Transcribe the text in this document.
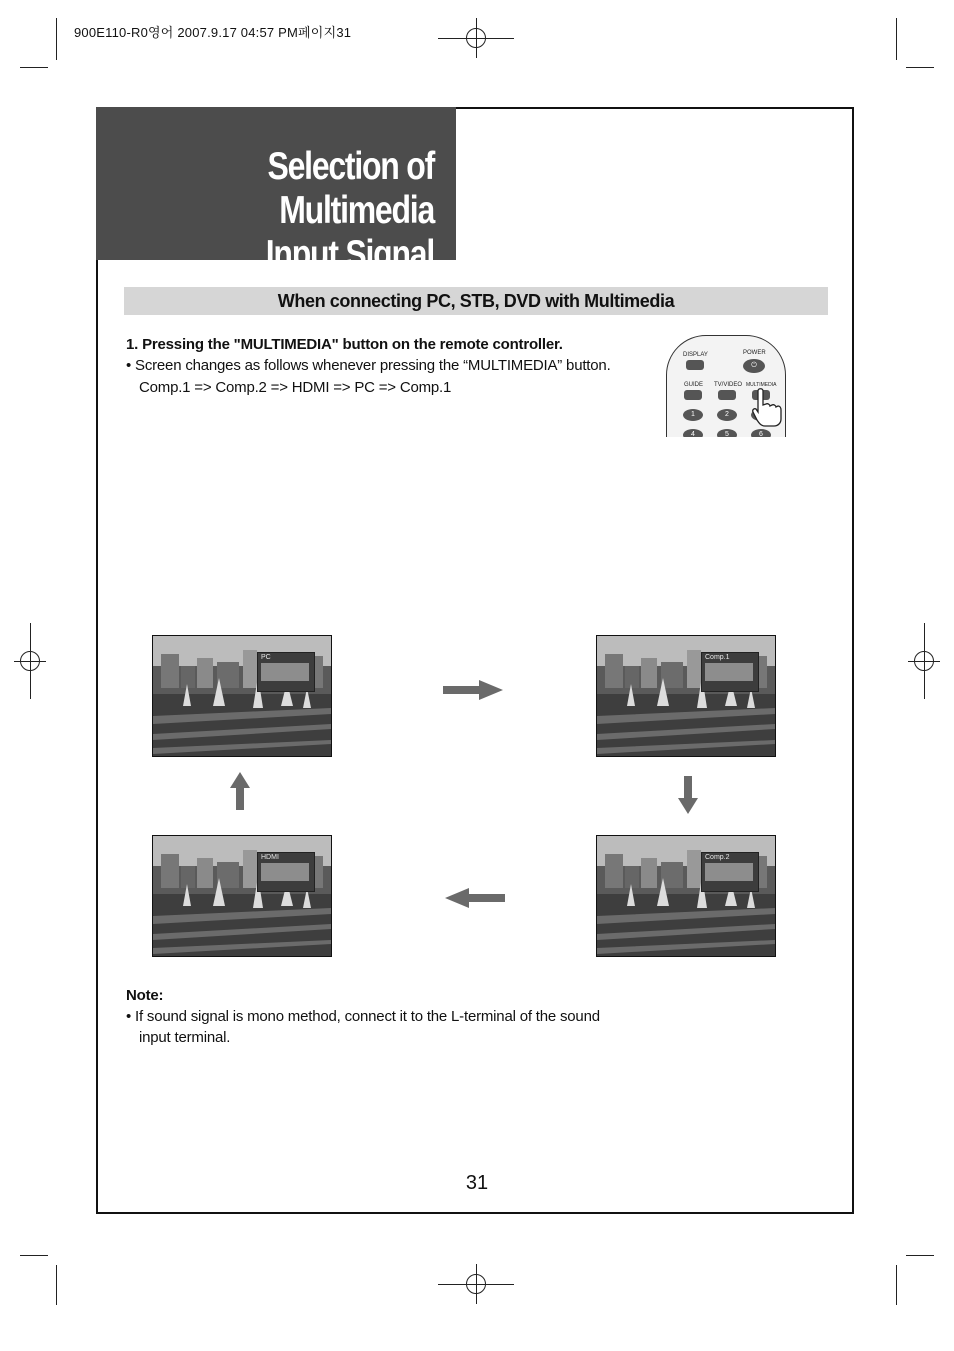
900E110-R0영어 2007.9.17 04:57 PM페이지31
Selection of Multimedia
Input Signal
When connecting PC, STB, DVD with Multimedia
1. Pressing the "MULTIMEDIA" button on the remote controller.
• Screen changes as follows whenever pressing the “MULTIMEDIA” button.
Comp.1 => Comp.2 => HDMI => PC => Comp.1
DISPLAY	POWER
⏻
GUIDE TV/VIDEO MULTIMEDIA
1	2
4	5	6
PC	Comp.1
Comp.2
HDMI
Note:
• If sound signal is mono method, connect it to the L-terminal of the sound
input terminal.
31
